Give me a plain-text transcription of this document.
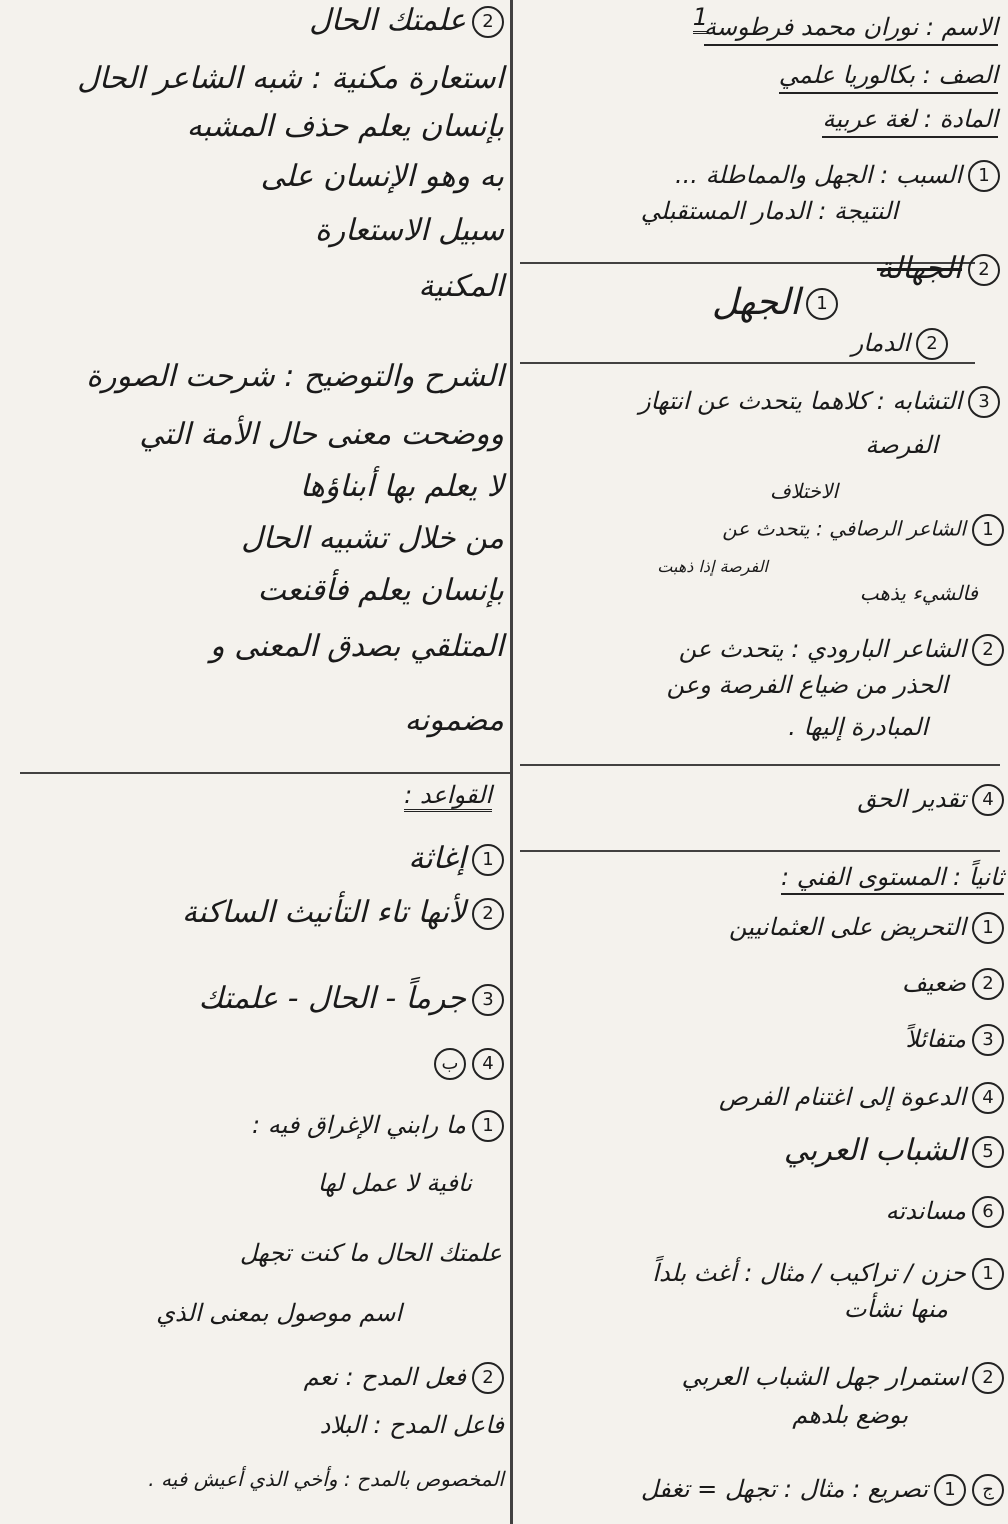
1
الاسم : نوران محمد فرطوسة
الصف : بكالوريا علمي
المادة : لغة عربية
1السبب : الجهل والمماطلة ...
النتيجة : الدمار المستقبلي
2الجهالة
1الجهل
2الدمار
3التشابه : كلاهما يتحدث عن انتهاز
الفرصة
الاختلاف
1الشاعر الرصافي : يتحدث عن
الفرصة إذا ذهبت
فالشيء يذهب
2الشاعر البارودي : يتحدث عن
الحذر من ضياع الفرصة وعن
المبادرة إليها .
4تقدير الحق
ثانياً : المستوى الفني :
1التحريض على العثمانيين
2ضعيف
3متفائلاً
4الدعوة إلى اغتنام الفرص
5الشباب العربي
6مساندته
1حزن / تراكيب / مثال : أغث بلداً
منها نشأت
2استمرار جهل الشباب العربي
بوضع بلدهم
ج1تصريع : مثال : تجهل = تغفل
2علمتك الحال
استعارة مكنية : شبه الشاعر الحال
بإنسان يعلم حذف المشبه
به وهو الإنسان على
سبيل الاستعارة
المكنية
الشرح والتوضيح : شرحت الصورة
ووضحت معنى حال الأمة التي
لا يعلم بها أبناؤها
من خلال تشبيه الحال
بإنسان يعلم فأقنعت
المتلقي بصدق المعنى و
مضمونه
القواعد :
1إغاثة
2لأنها تاء التأنيث الساكنة
3جرماً - الحال - علمتك
4ب
1ما رابني الإغراق فيه :
نافية لا عمل لها
علمتك الحال ما كنت تجهل
اسم موصول بمعنى الذي
2فعل المدح : نعم
فاعل المدح : البلاد
المخصوص بالمدح : وأخي الذي أعيش فيه .
